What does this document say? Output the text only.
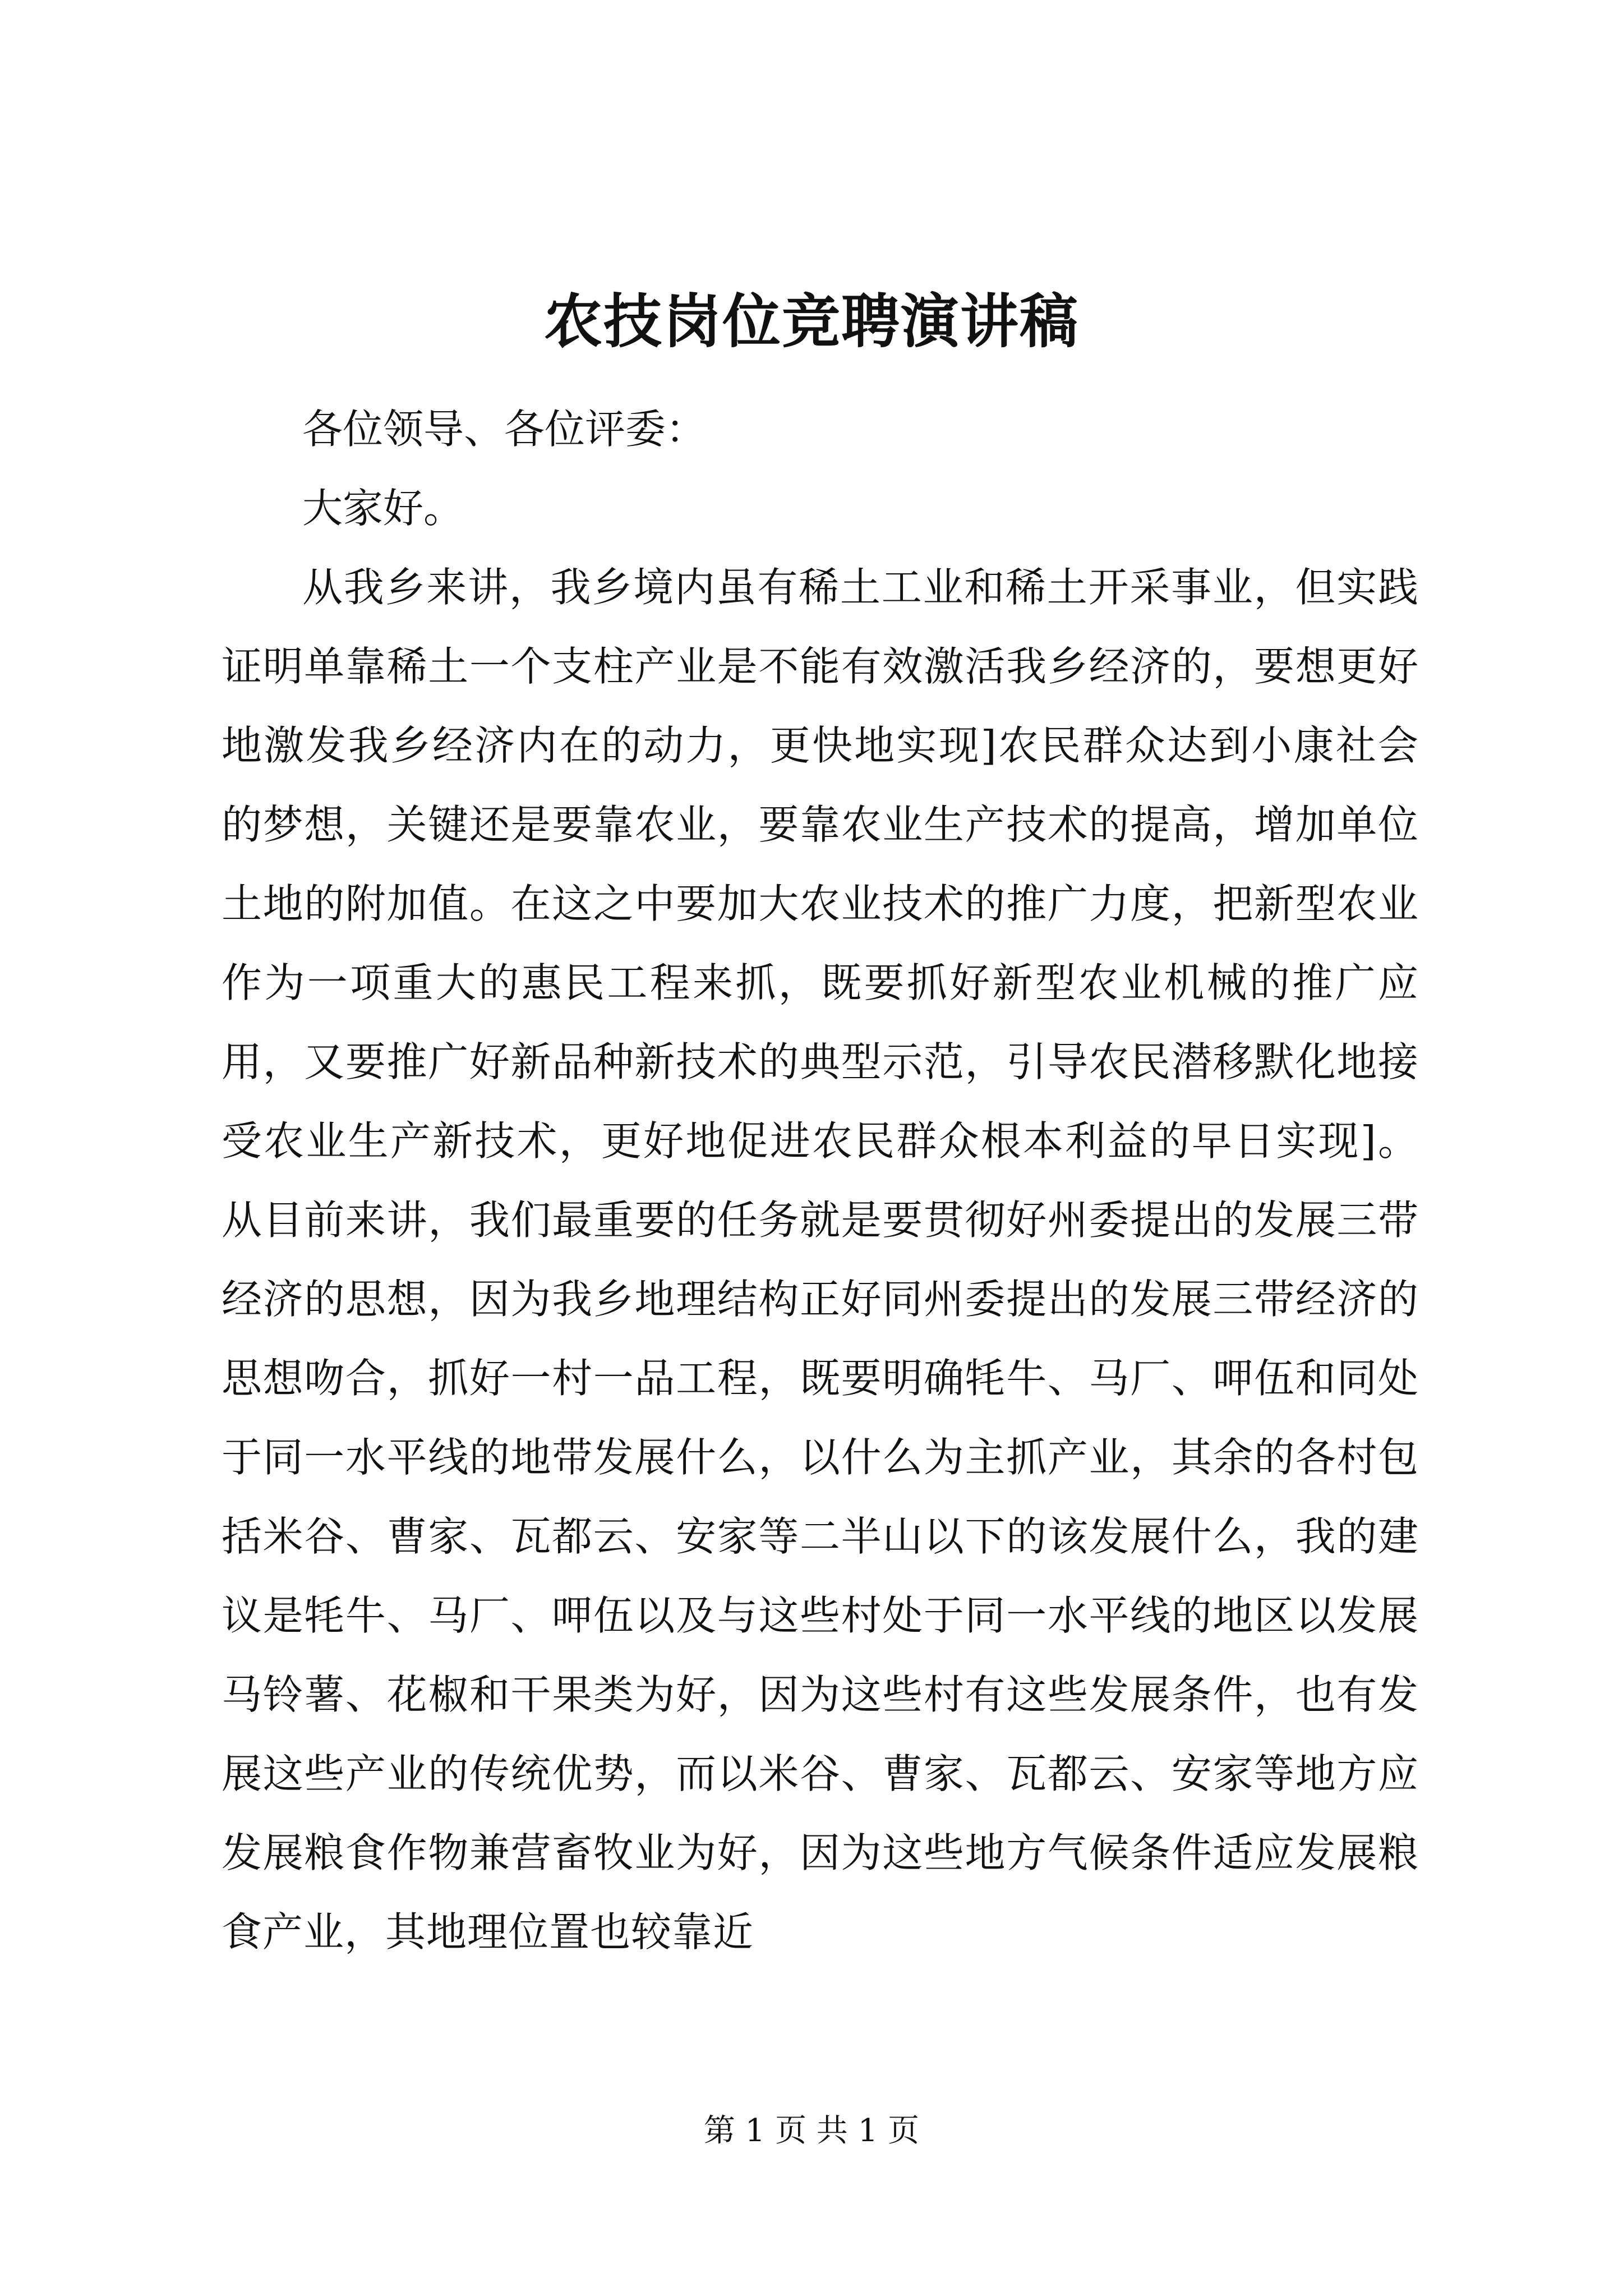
农技岗位竞聘演讲稿

各位领导、各位评委：

大家好。

从我乡来讲，我乡境内虽有稀土工业和稀土开采事业，但实践证明单靠稀土一个支柱产业是不能有效激活我乡经济的，要想更好地激发我乡经济内在的动力，更快地实现]农民群众达到小康社会的梦想，关键还是要靠农业，要靠农业生产技术的提高，增加单位土地的附加值。在这之中要加大农业技术的推广力度，把新型农业作为一项重大的惠民工程来抓，既要抓好新型农业机械的推广应用，又要推广好新品种新技术的典型示范，引导农民潜移默化地接受农业生产新技术，更好地促进农民群众根本利益的早日实现]。从目前来讲，我们最重要的任务就是要贯彻好州委提出的发展三带经济的思想，因为我乡地理结构正好同州委提出的发展三带经济的思想吻合，抓好一村一品工程，既要明确牦牛、马厂、呷伍和同处于同一水平线的地带发展什么，以什么为主抓产业，其余的各村包括米谷、曹家、瓦都云、安家等二半山以下的该发展什么，我的建议是牦牛、马厂、呷伍以及与这些村处于同一水平线的地区以发展马铃薯、花椒和干果类为好，因为这些村有这些发展条件，也有发展这些产业的传统优势，而以米谷、曹家、瓦都云、安家等地方应发展粮食作物兼营畜牧业为好，因为这些地方气候条件适应发展粮食产业，其地理位置也较靠近

第 1 页 共 1 页
